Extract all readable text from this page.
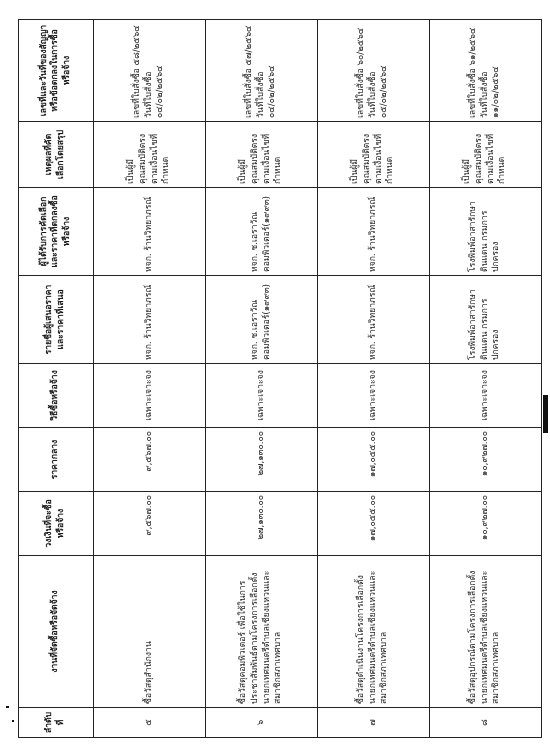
ลำดับที่	งานที่จัดซื้อหรือจัดจ้าง	วงเงินที่จะซื้อหรือจ้าง	ราคากลาง	วิธีซื้อหรือจ้าง	รายชื่อผู้เสนอราคาและราคาที่เสนอ	ผู้ได้รับการคัดเลือกและราคาที่ตกลงซื้อหรือจ้าง	เหตุผลที่คัดเลือกโดยสรุป	เลขที่และวันที่ของสัญญาหรือข้อตกลงในการซื้อหรือจ้าง
๕	ซื้อวัสดุสำนักงาน	๙,๕๖๗.๐๐	๙,๕๖๗.๐๐	เฉพาะเจาะจง	หจก. ร้านวิทยาภรณ์	หจก. ร้านวิทยาภรณ์	เป็นผู้มีคุณสมบัติตรงตามเงื่อนไขที่กำหนด	เลขที่ใบสั่งซื้อ ๕๘/๒๕๖๔ วันที่ใบสั่งซื้อ ๐๔/๐๒/๒๕๖๔
๖	ซื้อวัสดุคอมพิวเตอร์ เพื่อใช้ในการประชาสัมพันธ์ตามโครงการเลือกตั้งนายกเทศมนตรีตำบลเชียงแหวนและสมาชิกสภาเทศบาล	๒๗,๑๓๐.๐๐	๒๗,๑๓๐.๐๐	เฉพาะเจาะจง	หจก. ช.เอราวัณ คอมพิวเตอร์(๑๙๙๓)	หจก. ช.เอราวัณ คอมพิวเตอร์(๑๙๙๓)	เป็นผู้มีคุณสมบัติตรงตามเงื่อนไขที่กำหนด	เลขที่ใบสั่งซื้อ ๕๗/๒๕๖๔ วันที่ใบสั่งซื้อ ๐๔/๐๒/๒๕๖๔
๗	ซื้อวัสดุดำเนินงานโครงการเลือกตั้งนายกเทศมนตรีตำบลเชียงแหวนและสมาชิกสภาเทศบาล	๑๗,๐๕๕.๐๐	๑๗,๐๕๕.๐๐	เฉพาะเจาะจง	หจก. ร้านวิทยาภรณ์	หจก. ร้านวิทยาภรณ์	เป็นผู้มีคุณสมบัติตรงตามเงื่อนไขที่กำหนด	เลขที่ใบสั่งซื้อ ๖๐/๒๕๖๔ วันที่ใบสั่งซื้อ ๐๕/๐๒/๒๕๖๔
๘	ซื้อวัสดุอุปกรณ์ตามโครงการเลือกตั้งนายกเทศมนตรีตำบลเชียงแหวนและสมาชิกสภาเทศบาล	๑๐,๙๒๗.๐๐	๑๐,๙๒๗.๐๐	เฉพาะเจาะจง	โรงพิมพ์อาสารักษาดินแดน กรมการปกครอง	โรงพิมพ์อาสารักษาดินแดน กรมการปกครอง	เป็นผู้มีคุณสมบัติตรงตามเงื่อนไขที่กำหนด	เลขที่ใบสั่งซื้อ ๖๑/๒๕๖๔ วันที่ใบสั่งซื้อ ๑๑/๐๒/๒๕๖๔
